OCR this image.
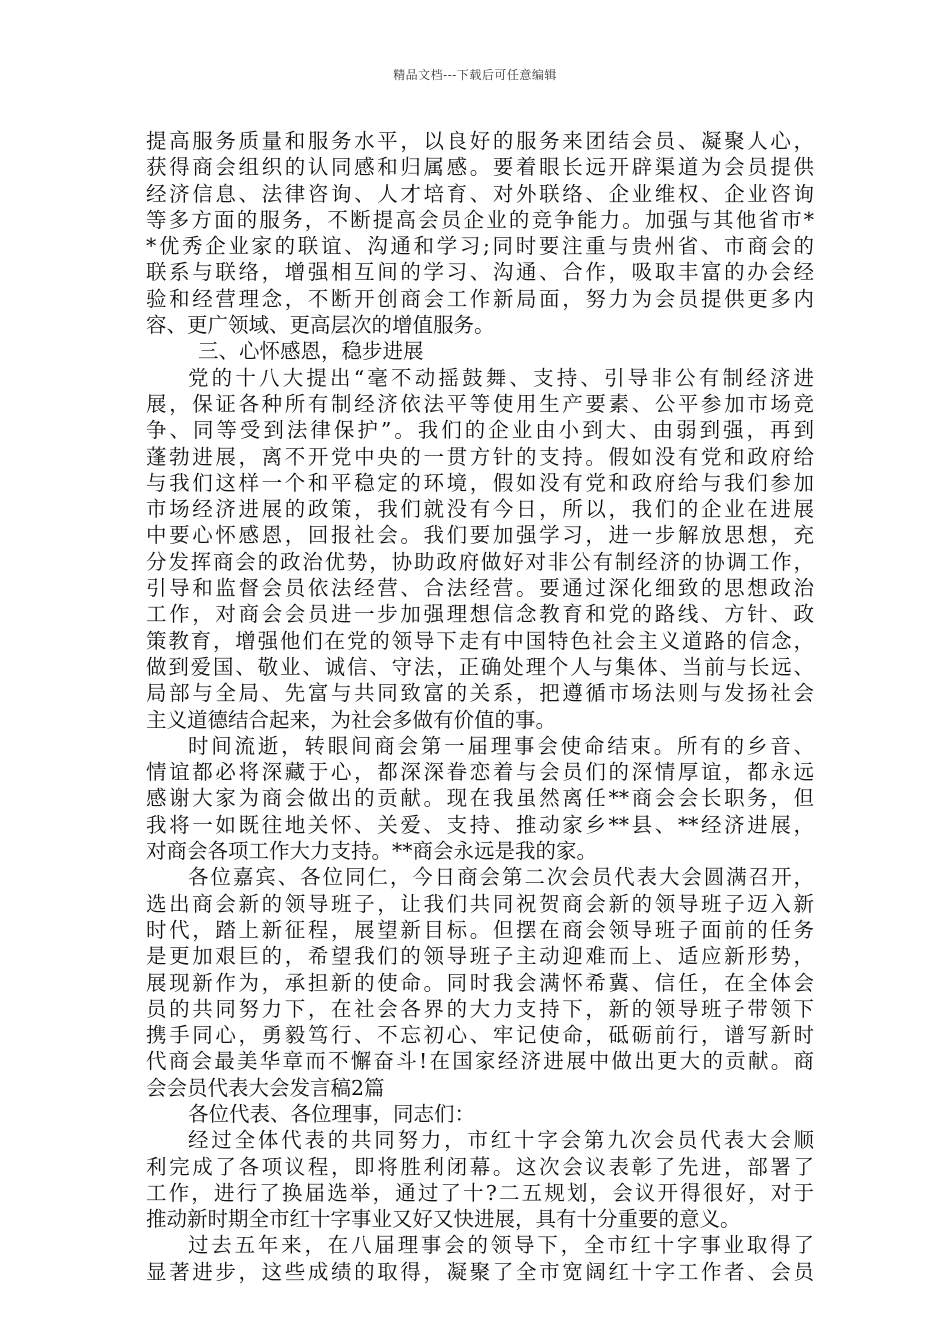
精品文档---下载后可任意编辑
提高服务质量和服务水平，以良好的服务来团结会员、凝聚人心，
获得商会组织的认同感和归属感。要着眼长远开辟渠道为会员提供
经济信息、法律咨询、人才培育、对外联络、企业维权、企业咨询
等多方面的服务，不断提高会员企业的竞争能力。加强与其他省市*
*优秀企业家的联谊、沟通和学习;同时要注重与贵州省、市商会的
联系与联络，增强相互间的学习、沟通、合作，吸取丰富的办会经
验和经营理念，不断开创商会工作新局面，努力为会员提供更多内
容、更广领域、更高层次的增值服务。
三、心怀感恩，稳步进展
党的十八大提出“毫不动摇鼓舞、支持、引导非公有制经济进
展，保证各种所有制经济依法平等使用生产要素、公平参加市场竞
争、同等受到法律保护”。我们的企业由小到大、由弱到强，再到
蓬勃进展，离不开党中央的一贯方针的支持。假如没有党和政府给
与我们这样一个和平稳定的环境，假如没有党和政府给与我们参加
市场经济进展的政策，我们就没有今日，所以，我们的企业在进展
中要心怀感恩，回报社会。我们要加强学习，进一步解放思想，充
分发挥商会的政治优势，协助政府做好对非公有制经济的协调工作，
引导和监督会员依法经营、合法经营。要通过深化细致的思想政治
工作，对商会会员进一步加强理想信念教育和党的路线、方针、政
策教育，增强他们在党的领导下走有中国特色社会主义道路的信念，
做到爱国、敬业、诚信、守法，正确处理个人与集体、当前与长远、
局部与全局、先富与共同致富的关系，把遵循市场法则与发扬社会
主义道德结合起来，为社会多做有价值的事。
时间流逝，转眼间商会第一届理事会使命结束。所有的乡音、
情谊都必将深藏于心，都深深眷恋着与会员们的深情厚谊，都永远
感谢大家为商会做出的贡献。现在我虽然离任**商会会长职务，但
我将一如既往地关怀、关爱、支持、推动家乡**县、**经济进展，
对商会各项工作大力支持。**商会永远是我的家。
各位嘉宾、各位同仁，今日商会第二次会员代表大会圆满召开，
选出商会新的领导班子，让我们共同祝贺商会新的领导班子迈入新
时代，踏上新征程，展望新目标。但摆在商会领导班子面前的任务
是更加艰巨的，希望我们的领导班子主动迎难而上、适应新形势，
展现新作为，承担新的使命。同时我会满怀希冀、信任，在全体会
员的共同努力下，在社会各界的大力支持下，新的领导班子带领下
携手同心，勇毅笃行、不忘初心、牢记使命，砥砺前行，谱写新时
代商会最美华章而不懈奋斗!在国家经济进展中做出更大的贡献。商
会会员代表大会发言稿2篇
各位代表、各位理事，同志们：
经过全体代表的共同努力，市红十字会第九次会员代表大会顺
利完成了各项议程，即将胜利闭幕。这次会议表彰了先进，部署了
工作，进行了换届选举，通过了十?二五规划，会议开得很好，对于
推动新时期全市红十字事业又好又快进展，具有十分重要的意义。
过去五年来，在八届理事会的领导下，全市红十字事业取得了
显著进步，这些成绩的取得，凝聚了全市宽阔红十字工作者、会员
